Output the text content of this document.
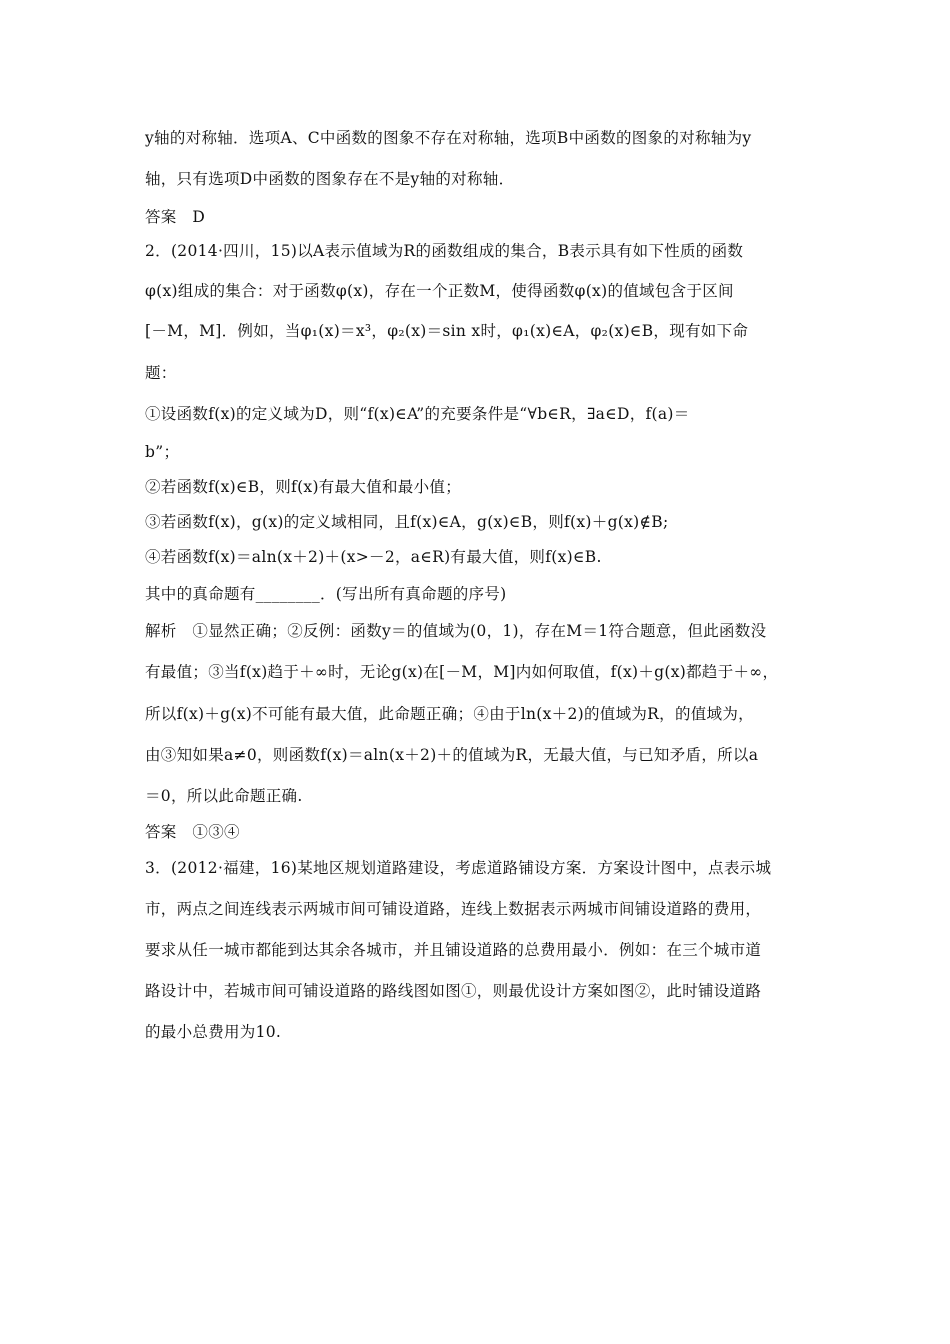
y轴的对称轴．选项A、C中函数的图象不存在对称轴，选项B中函数的图象的对称轴为y
轴，只有选项D中函数的图象存在不是y轴的对称轴．
答案　D
2．(2014·四川，15)以A表示值域为R的函数组成的集合，B表示具有如下性质的函数
φ(x)组成的集合：对于函数φ(x)，存在一个正数M，使得函数φ(x)的值域包含于区间
[－M，M]．例如，当φ₁(x)＝x³，φ₂(x)＝sin x时，φ₁(x)∈A，φ₂(x)∈B，现有如下命
题：
①设函数f(x)的定义域为D，则“f(x)∈A”的充要条件是“∀b∈R，∃a∈D，f(a)＝
b”；
②若函数f(x)∈B，则f(x)有最大值和最小值；
③若函数f(x)，g(x)的定义域相同，且f(x)∈A，g(x)∈B，则f(x)＋g(x)∉B;
④若函数f(x)＝aln(x＋2)＋(x>－2，a∈R)有最大值，则f(x)∈B.
其中的真命题有________．(写出所有真命题的序号)
解析　①显然正确；②反例：函数y＝的值域为(0，1)，存在M＝1符合题意，但此函数没
有最值；③当f(x)趋于＋∞时，无论g(x)在[－M，M]内如何取值，f(x)＋g(x)都趋于＋∞，
所以f(x)＋g(x)不可能有最大值，此命题正确；④由于ln(x＋2)的值域为R，的值域为，
由③知如果a≠0，则函数f(x)＝aln(x＋2)＋的值域为R，无最大值，与已知矛盾，所以a
＝0，所以此命题正确.
答案　①③④
3．(2012·福建，16)某地区规划道路建设，考虑道路铺设方案．方案设计图中，点表示城
市，两点之间连线表示两城市间可铺设道路，连线上数据表示两城市间铺设道路的费用，
要求从任一城市都能到达其余各城市，并且铺设道路的总费用最小．例如：在三个城市道
路设计中，若城市间可铺设道路的路线图如图①，则最优设计方案如图②，此时铺设道路
的最小总费用为10.
